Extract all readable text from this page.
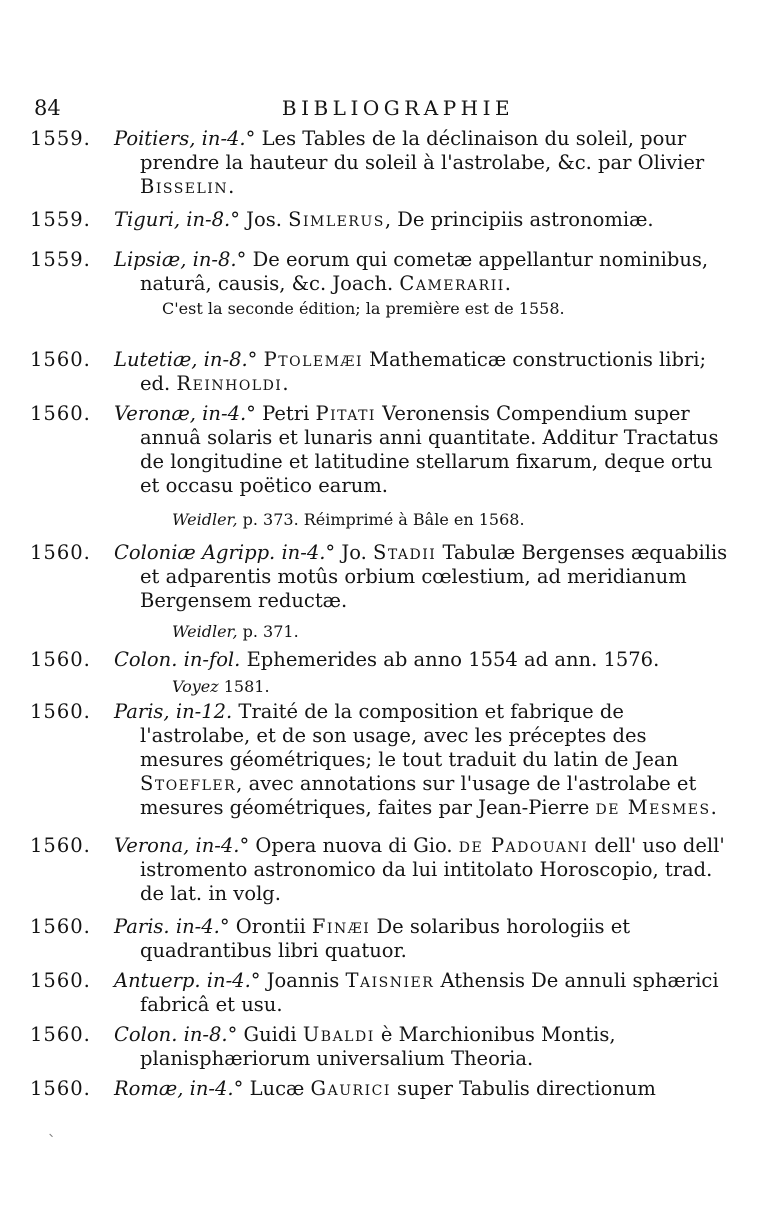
84	BIBLIOGRAPHIE
1559.	Poitiers, in-4.° Les Tables de la déclinaison du soleil, pour prendre la hauteur du soleil à l'astrolabe, &c. par Olivier Bisselin.
1559.	Tiguri, in-8.° Jos. Simlerus, De principiis astronomiæ.
1559.	Lipsiæ, in-8.° De eorum qui cometæ appellantur nominibus, naturâ, causis, &c. Joach. Camerarii.
C'est la seconde édition; la première est de 1558.
1560.	Lutetiæ, in-8.° Ptolemæi Mathematicæ constructionis libri; ed. Reinholdi.
1560.	Veronæ, in-4.° Petri Pitati Veronensis Compendium super annuâ solaris et lunaris anni quantitate. Additur Tractatus de longitudine et latitudine stellarum fixarum, deque ortu et occasu poëtico earum.
Weidler, p. 373. Réimprimé à Bâle en 1568.
1560.	Coloniæ Agripp. in-4.° Jo. Stadii Tabulæ Bergenses æquabilis et adparentis motûs orbium cœlestium, ad meridianum Bergensem reductæ.
Weidler, p. 371.
1560.	Colon. in-fol. Ephemerides ab anno 1554 ad ann. 1576.
Voyez 1581.
1560.	Paris, in-12. Traité de la composition et fabrique de l'astrolabe, et de son usage, avec les préceptes des mesures géométriques; le tout traduit du latin de Jean Stoefler, avec annotations sur l'usage de l'astrolabe et mesures géométriques, faites par Jean-Pierre de Mesmes.
1560.	Verona, in-4.° Opera nuova di Gio. de Padouani dell' uso dell' istromento astronomico da lui intitolato Horoscopio, trad. de lat. in volg.
1560.	Paris. in-4.° Orontii Finæi De solaribus horologiis et quadrantibus libri quatuor.
1560.	Antuerp. in-4.° Joannis Taisnier Athensis De annuli sphærici fabricâ et usu.
1560.	Colon. in-8.° Guidi Ubaldi è Marchionibus Montis, planisphæriorum universalium Theoria.
1560.	Romæ, in-4.° Lucæ Gaurici super Tabulis directionum
